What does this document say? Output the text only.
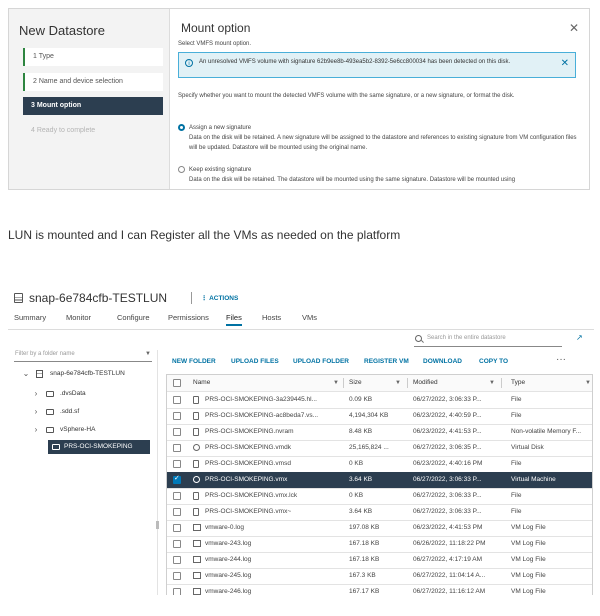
New Datastore
1 Type
2 Name and device selection
3 Mount option
4 Ready to complete
Mount option	✕
Select VMFS mount option.
i	An unresolved VMFS volume with signature 62b9ee8b-493ea5b2-8392-5e6cc800034 has been detected on this disk.	✕
Specify whether you want to mount the detected VMFS volume with the same signature, or a new signature, or format the disk.
Assign a new signature
Data on the disk will be retained. A new signature will be assigned to the datastore and references to existing signature from VM configuration files will be updated. Datastore will be mounted using the original name.
Keep existing signature
Data on the disk will be retained. The datastore will be mounted using the same signature. Datastore will be mounted using
LUN is mounted and I can Register all the VMs as needed on the platform
snap-6e784cfb-TESTLUN	⋮ ACTIONS
Summary	Monitor	Configure Permissions Files	Hosts	VMs
Search in the entire datastore	↗
Filter by a folder name	▼
⌄	snap-6e784cfb-TESTLUN
›	.dvsData
›	.sdd.sf
›	vSphere-HA
PRS-OCI-SMOKEPING
NEW FOLDER UPLOAD FILES UPLOAD FOLDER REGISTER VM DOWNLOAD	COPY TO	···
Name	▼ Size	▼ Modified	▼ Type	▼
PRS-OCI-SMOKEPING-3a239445.hl...	0.09 KB	06/27/2022, 3:06:33 P...	File
PRS-OCI-SMOKEPING-ac8beda7.vs...	4,194,304 KB	06/23/2022, 4:40:59 P...	File
PRS-OCI-SMOKEPING.nvram	8.48 KB	06/23/2022, 4:41:53 P...	Non-volatile Memory F...
PRS-OCI-SMOKEPING.vmdk	25,165,824 ...	06/27/2022, 3:06:35 P...	Virtual Disk
PRS-OCI-SMOKEPING.vmsd	0 KB	06/23/2022, 4:40:16 PM	File
✓
PRS-OCI-SMOKEPING.vmx	3.64 KB	06/27/2022, 3:06:33 P...	Virtual Machine
PRS-OCI-SMOKEPING.vmx.lck	0 KB	06/27/2022, 3:06:33 P...	File
PRS-OCI-SMOKEPING.vmx~	3.64 KB	06/27/2022, 3:06:33 P...	File
vmware-0.log	197.08 KB	06/23/2022, 4:41:53 PM	VM Log File
vmware-243.log	167.18 KB	06/26/2022, 11:18:22 PM	VM Log File
vmware-244.log	167.18 KB	06/27/2022, 4:17:19 AM	VM Log File
vmware-245.log	167.3 KB	06/27/2022, 11:04:14 A...	VM Log File
vmware-246.log	167.17 KB	06/27/2022, 11:16:12 AM	VM Log File
